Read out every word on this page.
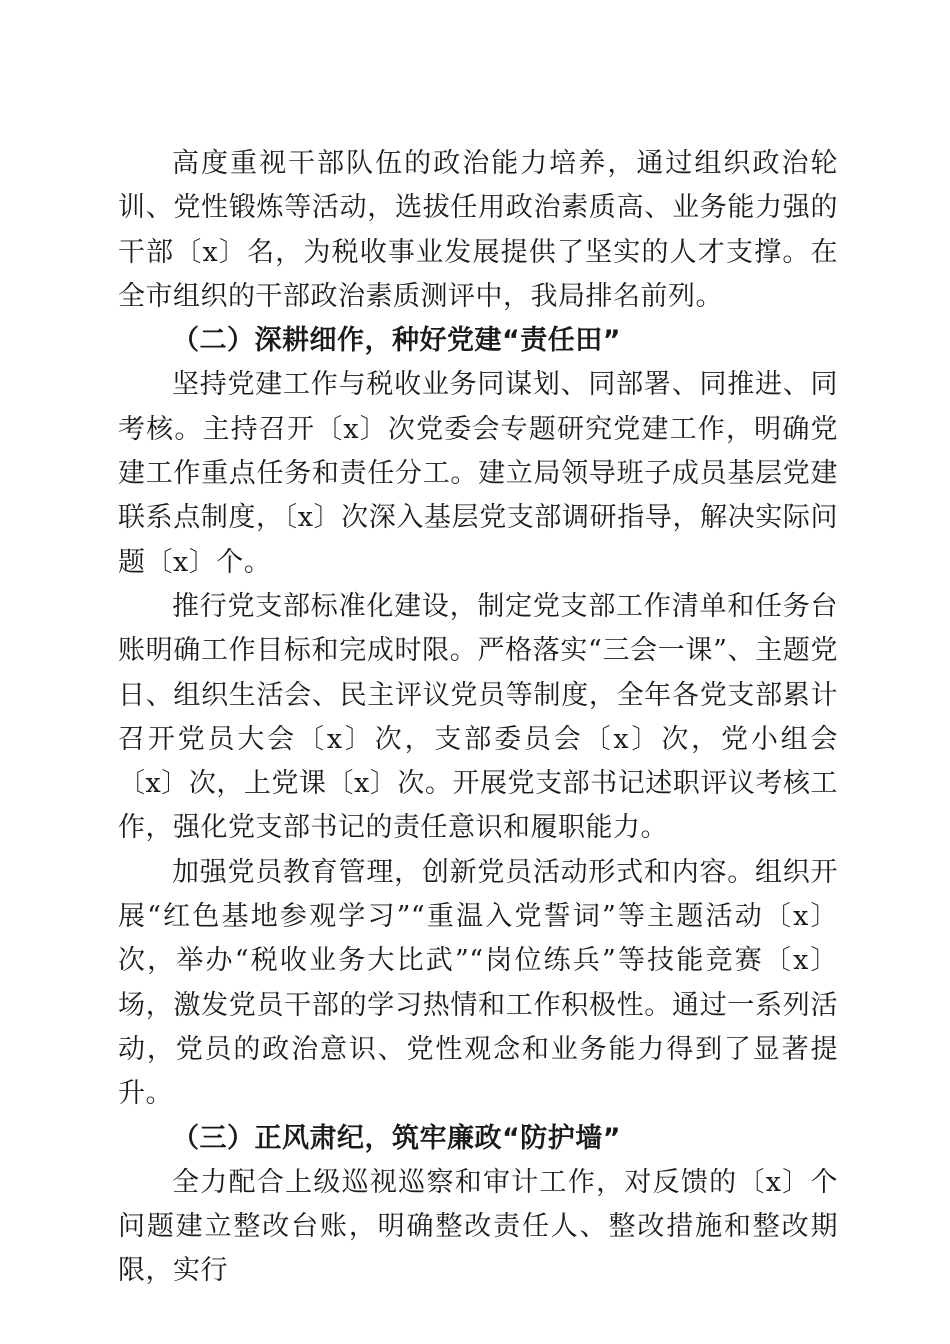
高度重视干部队伍的政治能力培养，通过组织政治轮训、党性锻炼等活动，选拔任用政治素质高、业务能力强的干部〔x〕名，为税收事业发展提供了坚实的人才支撑。在全市组织的干部政治素质测评中，我局排名前列。

（二）深耕细作，种好党建“责任田”

坚持党建工作与税收业务同谋划、同部署、同推进、同考核。主持召开〔x〕次党委会专题研究党建工作，明确党建工作重点任务和责任分工。建立局领导班子成员基层党建联系点制度，〔x〕次深入基层党支部调研指导，解决实际问题〔x〕个。

推行党支部标准化建设，制定党支部工作清单和任务台账明确工作目标和完成时限。严格落实“三会一课”、主题党日、组织生活会、民主评议党员等制度，全年各党支部累计召开党员大会〔x〕次，支部委员会〔x〕次，党小组会〔x〕次，上党课〔x〕次。开展党支部书记述职评议考核工作，强化党支部书记的责任意识和履职能力。

加强党员教育管理，创新党员活动形式和内容。组织开展“红色基地参观学习”“重温入党誓词”等主题活动〔x〕次，举办“税收业务大比武”“岗位练兵”等技能竞赛〔x〕场，激发党员干部的学习热情和工作积极性。通过一系列活动，党员的政治意识、党性观念和业务能力得到了显著提升。

（三）正风肃纪，筑牢廉政“防护墙”

全力配合上级巡视巡察和审计工作，对反馈的〔x〕个问题建立整改台账，明确整改责任人、整改措施和整改期限，实行
